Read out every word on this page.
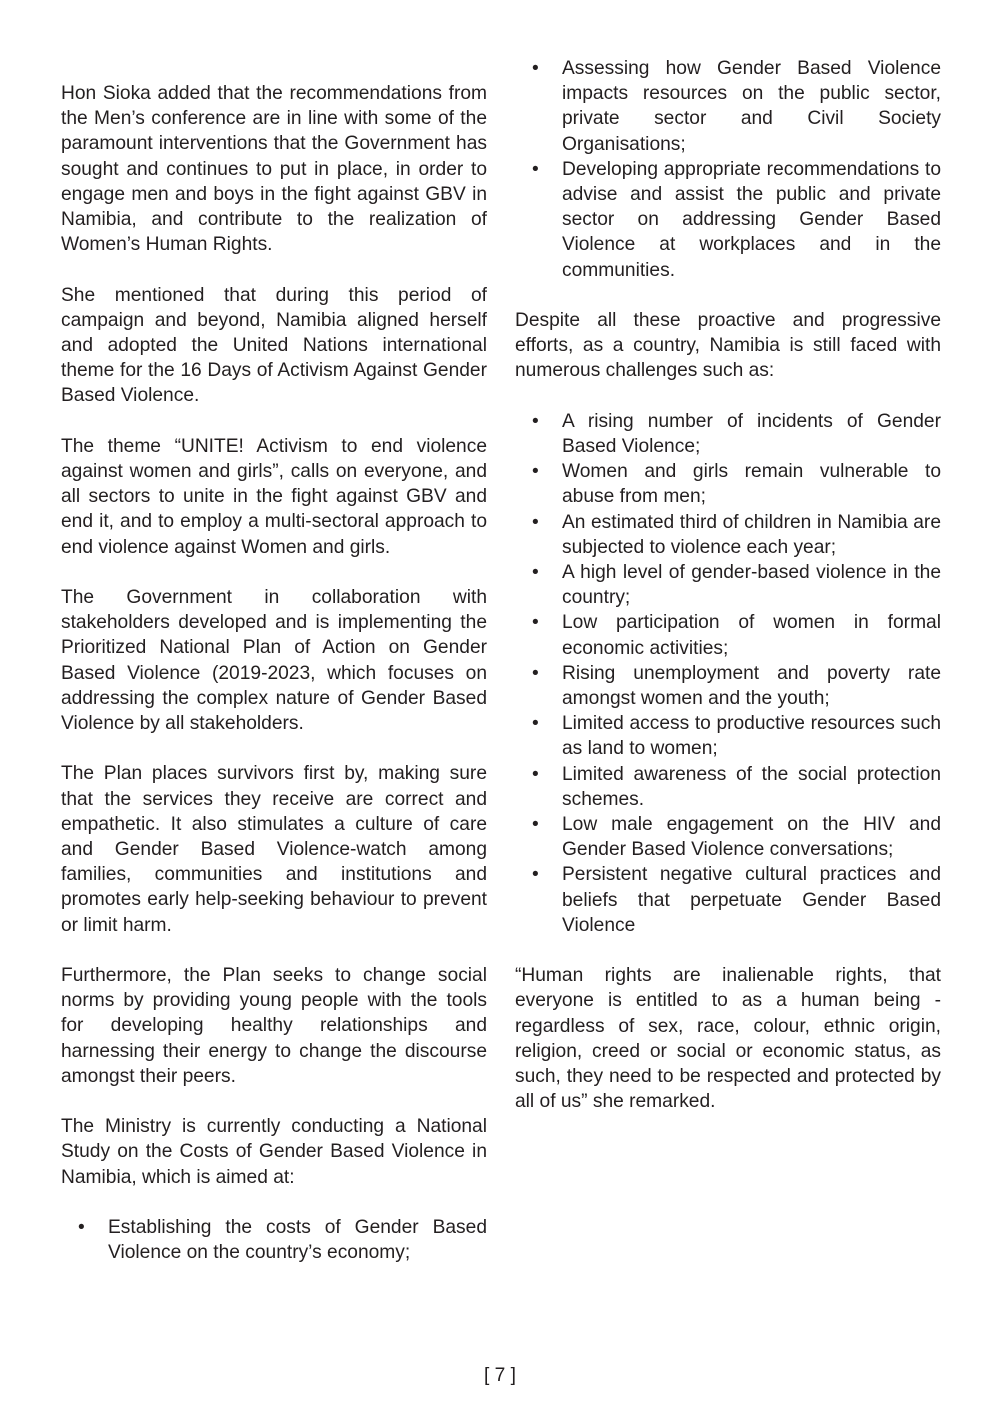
Hon Sioka added that the recommendations from the Men’s conference are in line with some of the paramount interventions that the Government has sought and continues to put in place, in order to engage men and boys in the fight against GBV in Namibia, and contribute to the realization of Women’s Human Rights.

She mentioned that during this period of campaign and beyond, Namibia aligned herself and adopted the United Nations international theme for the 16 Days of Activism Against Gender Based Violence.

The theme “UNITE! Activism to end violence against women and girls”, calls on everyone, and all sectors to unite in the fight against GBV and end it, and to employ a multi-sectoral approach to end violence against Women and girls.

The Government in collaboration with stakeholders developed and is implementing the Prioritized National Plan of Action on Gender Based Violence (2019-2023, which focuses on addressing the complex nature of Gender Based Violence by all stakeholders.

The Plan places survivors first by, making sure that the services they receive are correct and empathetic. It also stimulates a culture of care and Gender Based Violence-watch among families, communities and institutions and promotes early help-seeking behaviour to prevent or limit harm.

Furthermore, the Plan seeks to change social norms by providing young people with the tools for developing healthy relationships and harnessing their energy to change the discourse amongst their peers.

The Ministry is currently conducting a National Study on the Costs of Gender Based Violence in Namibia, which is aimed at:

• Establishing the costs of Gender Based Violence on the country’s economy;
• Assessing how Gender Based Violence impacts resources on the public sector, private sector and Civil Society Organisations;
• Developing appropriate recommendations to advise and assist the public and private sector on addressing Gender Based Violence at workplaces and in the communities.

Despite all these proactive and progressive efforts, as a country, Namibia is still faced with numerous challenges such as:

• A rising number of incidents of Gender Based Violence;
• Women and girls remain vulnerable to abuse from men;
• An estimated third of children in Namibia are subjected to violence each year;
• A high level of gender-based violence in the country;
• Low participation of women in formal economic activities;
• Rising unemployment and poverty rate amongst women and the youth;
• Limited access to productive resources such as land to women;
• Limited awareness of the social protection schemes.
• Low male engagement on the HIV and Gender Based Violence conversations;
• Persistent negative cultural practices and beliefs that perpetuate Gender Based Violence

“Human rights are inalienable rights, that everyone is entitled to as a human being -regardless of sex, race, colour, ethnic origin, religion, creed or social or economic status, as such, they need to be respected and protected by all of us” she remarked.

[ 7 ]
